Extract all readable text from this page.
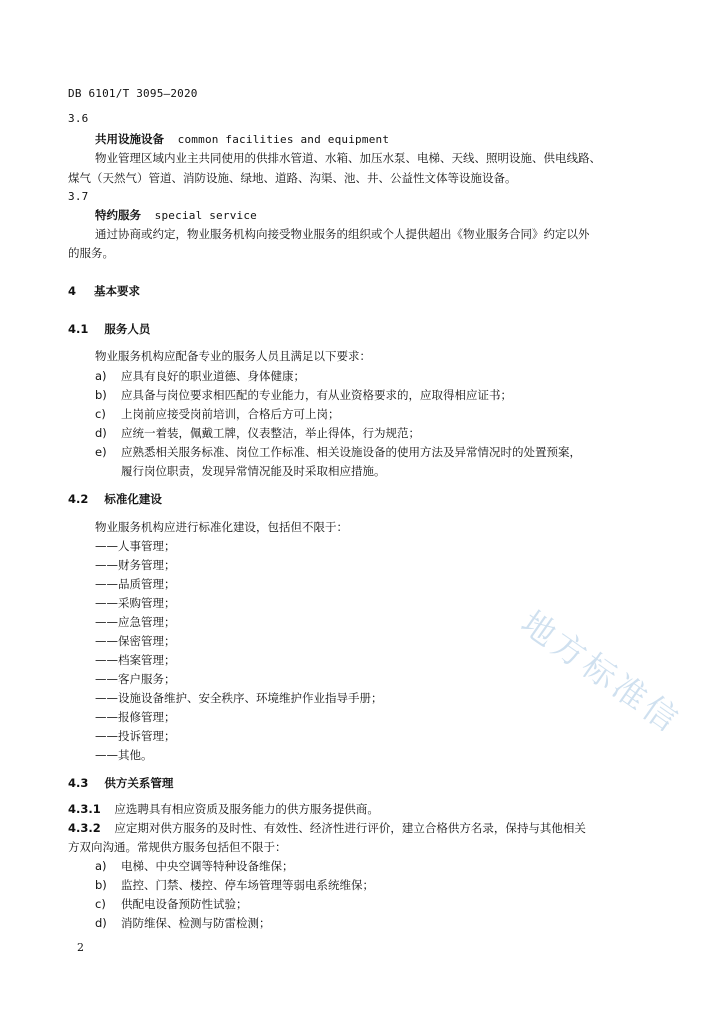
地方标准信
DB 6101/T 3095—2020
3.6
共用设施设备 common facilities and equipment
物业管理区域内业主共同使用的供排水管道、水箱、加压水泵、电梯、天线、照明设施、供电线路、
煤气（天然气）管道、消防设施、绿地、道路、沟渠、池、井、公益性文体等设施设备。
3.7
特约服务 special service
通过协商或约定，物业服务机构向接受物业服务的组织或个人提供超出《物业服务合同》约定以外
的服务。
4 基本要求
4.1 服务人员
物业服务机构应配备专业的服务人员且满足以下要求：
a) 应具有良好的职业道德、身体健康；
b) 应具备与岗位要求相匹配的专业能力，有从业资格要求的，应取得相应证书；
c) 上岗前应接受岗前培训，合格后方可上岗；
d) 应统一着装，佩戴工牌，仪表整洁，举止得体，行为规范；
e) 应熟悉相关服务标准、岗位工作标准、相关设施设备的使用方法及异常情况时的处置预案，
履行岗位职责，发现异常情况能及时采取相应措施。
4.2 标准化建设
物业服务机构应进行标准化建设，包括但不限于：
——人事管理；
——财务管理；
——品质管理；
——采购管理；
——应急管理；
——保密管理；
——档案管理；
——客户服务；
——设施设备维护、安全秩序、环境维护作业指导手册；
——报修管理；
——投诉管理；
——其他。
4.3 供方关系管理
4.3.1 应选聘具有相应资质及服务能力的供方服务提供商。
4.3.2 应定期对供方服务的及时性、有效性、经济性进行评价，建立合格供方名录，保持与其他相关
方双向沟通。常规供方服务包括但不限于：
a) 电梯、中央空调等特种设备维保；
b) 监控、门禁、楼控、停车场管理等弱电系统维保；
c) 供配电设备预防性试验；
d) 消防维保、检测与防雷检测；
2
